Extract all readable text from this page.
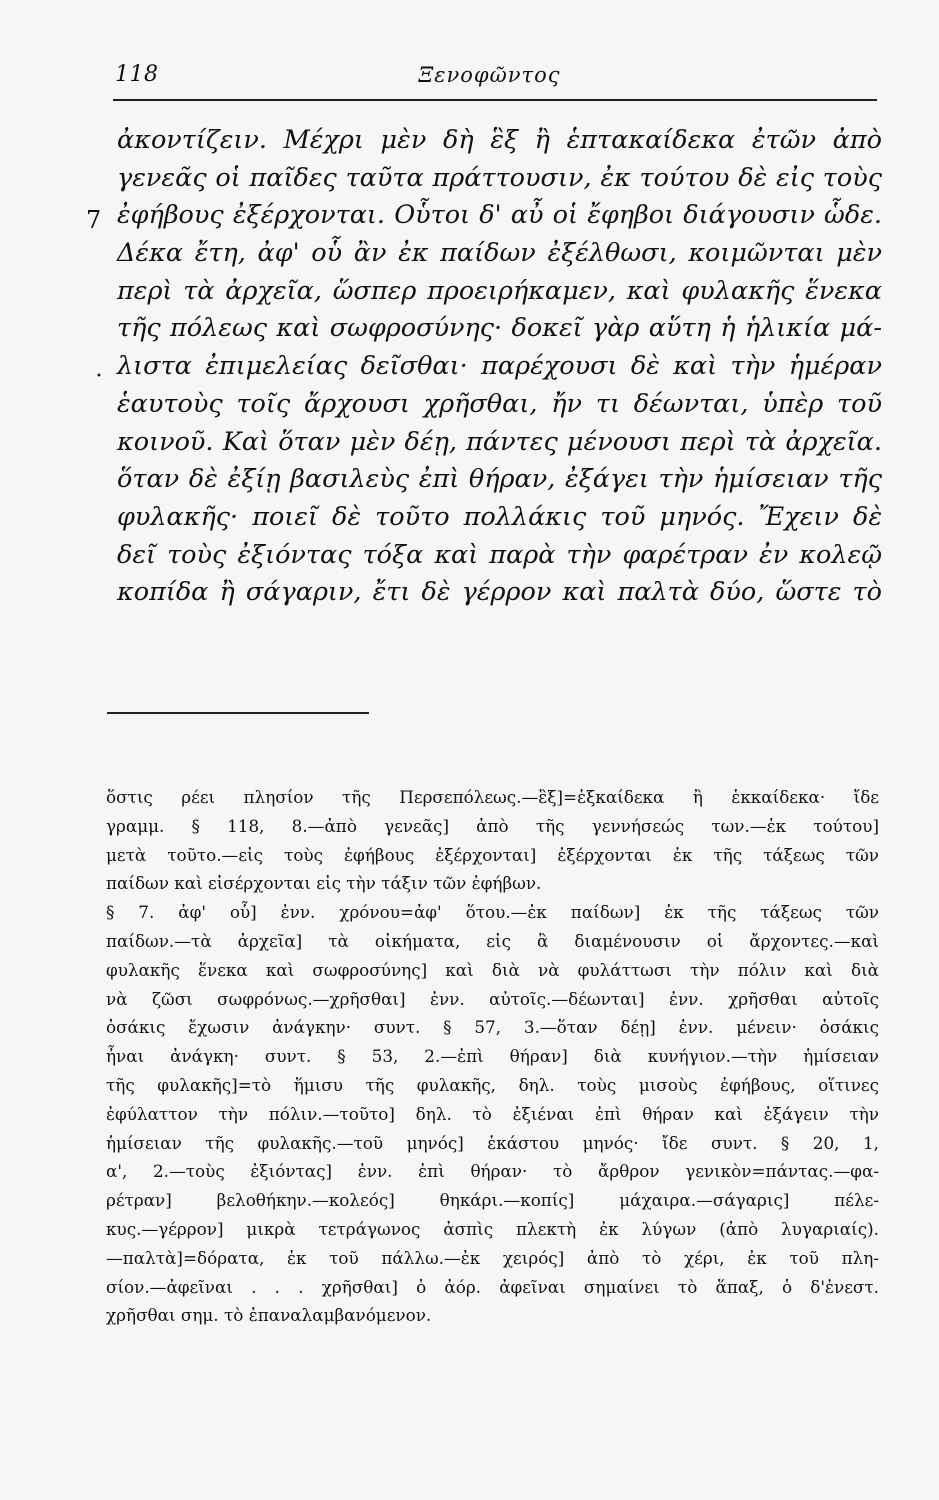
118	Ξενοφῶντος
7
•
ἀκοντίζειν. Μέχρι μὲν δὴ ἓξ ἢ ἑπτακαίδεκα ἐτῶν ἀπὸ
γενεᾶς οἱ παῖδες ταῦτα πράττουσιν, ἐκ τούτου δὲ εἰς τοὺς
ἐφήβους ἐξέρχονται. Οὗτοι δ' αὖ οἱ ἔφηβοι διάγουσιν ὧδε.
Δέκα ἔτη, ἀφ' οὗ ἂν ἐκ παίδων ἐξέλθωσι, κοιμῶνται μὲν
περὶ τὰ ἀρχεῖα, ὥσπερ προειρήκαμεν, καὶ φυλακῆς ἕνεκα
τῆς πόλεως καὶ σωφροσύνης· δοκεῖ γὰρ αὕτη ἡ ἡλικία μά-
λιστα ἐπιμελείας δεῖσθαι· παρέχουσι δὲ καὶ τὴν ἡμέραν
ἑαυτοὺς τοῖς ἄρχουσι χρῆσθαι, ἤν τι δέωνται, ὑπὲρ τοῦ
κοινοῦ. Καὶ ὅταν μὲν δέῃ, πάντες μένουσι περὶ τὰ ἀρχεῖα.
ὅταν δὲ ἐξίῃ βασιλεὺς ἐπὶ θήραν, ἐξάγει τὴν ἡμίσειαν τῆς
φυλακῆς· ποιεῖ δὲ τοῦτο πολλάκις τοῦ μηνός. Ἔχειν δὲ
δεῖ τοὺς ἐξιόντας τόξα καὶ παρὰ τὴν φαρέτραν ἐν κολεῷ
κοπίδα ἢ σάγαριν, ἔτι δὲ γέρρον καὶ παλτὰ δύο, ὥστε τὸ
ὅστις ρέει πλησίον τῆς Περσεπόλεως.—ἓξ]=ἑξκαίδεκα ἢ ἑκκαίδεκα· ἴδε
γραμμ. § 118, 8.—ἀπὸ γενεᾶς] ἀπὸ τῆς γεννήσεώς των.—ἐκ τούτου]
μετὰ τοῦτο.—εἰς τοὺς ἐφήβους ἐξέρχονται] ἐξέρχονται ἐκ τῆς τάξεως τῶν
παίδων καὶ εἰσέρχονται εἰς τὴν τάξιν τῶν ἐφήβων.
§ 7. ἀφ' οὗ] ἐνν. χρόνου=ἀφ' ὅτου.—ἐκ παίδων] ἐκ τῆς τάξεως τῶν
παίδων.—τὰ ἀρχεῖα] τὰ οἰκήματα, εἰς ἃ διαμένουσιν οἱ ἄρχοντες.—καὶ
φυλακῆς ἕνεκα καὶ σωφροσύνης] καὶ διὰ νὰ φυλάττωσι τὴν πόλιν καὶ διὰ
νὰ ζῶσι σωφρόνως.—χρῆσθαι] ἐνν. αὐτοῖς.—δέωνται] ἐνν. χρῆσθαι αὐτοῖς
ὁσάκις ἔχωσιν ἀνάγκην· συντ. § 57, 3.—ὅταν δέῃ] ἐνν. μένειν· ὁσάκις
ἦναι ἀνάγκη· συντ. § 53, 2.—ἐπὶ θήραν] διὰ κυνήγιον.—τὴν ἡμίσειαν
τῆς φυλακῆς]=τὸ ἥμισυ τῆς φυλακῆς, δηλ. τοὺς μισοὺς ἐφήβους, οἵτινες
ἐφύλαττον τὴν πόλιν.—τοῦτο] δηλ. τὸ ἐξιέναι ἐπὶ θήραν καὶ ἐξάγειν τὴν
ἡμίσειαν τῆς φυλακῆς.—τοῦ μηνός] ἑκάστου μηνός· ἴδε συντ. § 20, 1,
α', 2.—τοὺς ἐξιόντας] ἐνν. ἐπὶ θήραν· τὸ ἄρθρον γενικὸν=πάντας.—φα-
ρέτραν] βελοθήκην.—κολεός] θηκάρι.—κοπίς] μάχαιρα.—σάγαρις] πέλε-
κυς.—γέρρον] μικρὰ τετράγωνος ἀσπὶς πλεκτὴ ἐκ λύγων (ἀπὸ λυγαριαίς).
—παλτὰ]=δόρατα, ἐκ τοῦ πάλλω.—ἐκ χειρός] ἀπὸ τὸ χέρι, ἐκ τοῦ πλη-
σίον.—ἀφεῖναι . . . χρῆσθαι] ὁ ἀόρ. ἀφεῖναι σημαίνει τὸ ἅπαξ, ὁ δ'ἐνεστ.
χρῆσθαι σημ. τὸ ἐπαναλαμβανόμενον.
